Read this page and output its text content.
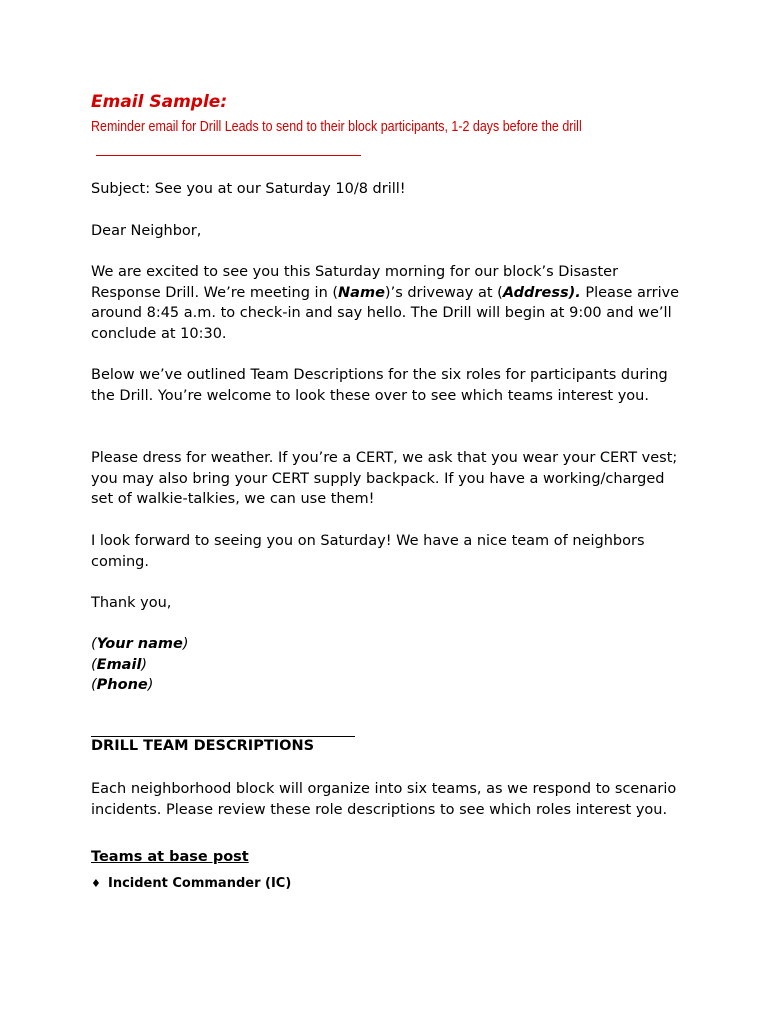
Email Sample:
Reminder email for Drill Leads to send to their block participants, 1-2 days before the drill

Subject: See you at our Saturday 10/8 drill!

Dear Neighbor,

We are excited to see you this Saturday morning for our block’s Disaster Response Drill. We’re meeting in (Name)’s driveway at (Address). Please arrive around 8:45 a.m. to check-in and say hello. The Drill will begin at 9:00 and we’ll conclude at 10:30.

Below we’ve outlined Team Descriptions for the six roles for participants during the Drill. You’re welcome to look these over to see which teams interest you.

Please dress for weather. If you’re a CERT, we ask that you wear your CERT vest; you may also bring your CERT supply backpack. If you have a working/charged set of walkie-talkies, we can use them!

I look forward to seeing you on Saturday! We have a nice team of neighbors coming.

Thank you,

(Your name)
(Email)
(Phone)

DRILL TEAM DESCRIPTIONS

Each neighborhood block will organize into six teams, as we respond to scenario incidents. Please review these role descriptions to see which roles interest you.

Teams at base post
♦ Incident Commander (IC)
